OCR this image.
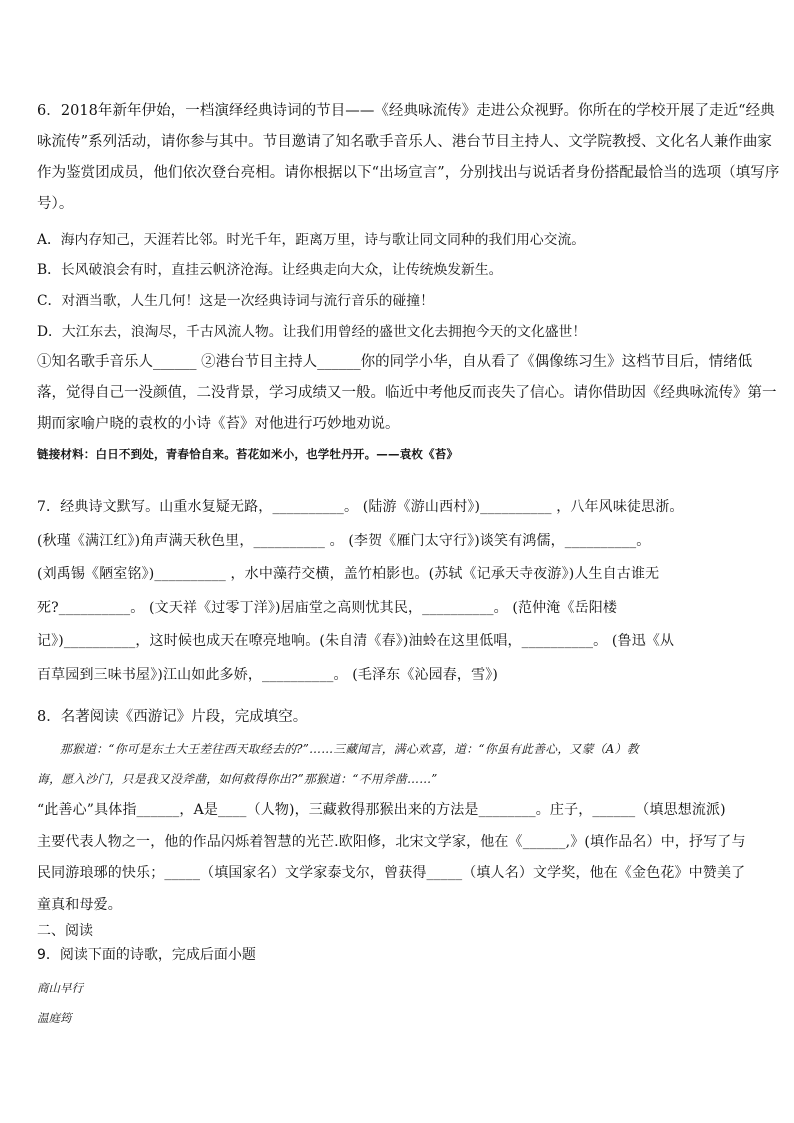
6．2018年新年伊始，一档演绎经典诗词的节目——《经典咏流传》走进公众视野。你所在的学校开展了走近“经典
咏流传”系列活动，请你参与其中。节目邀请了知名歌手音乐人、港台节目主持人、文学院教授、文化名人兼作曲家
作为鉴赏团成员，他们依次登台亮相。请你根据以下“出场宣言”，分别找出与说话者身份搭配最恰当的选项（填写序
号）。
A．海内存知己，天涯若比邻。时光千年，距离万里，诗与歌让同文同种的我们用心交流。
B．长风破浪会有时，直挂云帆济沧海。让经典走向大众，让传统焕发新生。
C．对酒当歌，人生几何！这是一次经典诗词与流行音乐的碰撞！
D．大江东去，浪淘尽，千古风流人物。让我们用曾经的盛世文化去拥抱今天的文化盛世！
①知名歌手音乐人______ ②港台节目主持人______你的同学小华，自从看了《偶像练习生》这档节目后，情绪低
落，觉得自己一没颜值，二没背景，学习成绩又一般。临近中考他反而丧失了信心。请你借助因《经典咏流传》第一
期而家喻户晓的袁枚的小诗《苔》对他进行巧妙地劝说。
链接材料：白日不到处，青春恰自来。苔花如米小，也学牡丹开。——袁枚《苔》
7．经典诗文默写。山重水复疑无路，__________。 (陆游《游山西村》)__________ ，八年风味徒思浙。
(秋瑾《满江红》)角声满天秋色里，__________ 。 (李贺《雁门太守行》)谈笑有鸿儒，__________。
(刘禹锡《陋室铭》)__________ ，水中藻荇交横，盖竹柏影也。(苏轼《记承天寺夜游》)人生自古谁无
死?__________。 (文天祥《过零丁洋》)居庙堂之高则忧其民，__________。 (范仲淹《岳阳楼
记》)__________，这时候也成天在嘹亮地响。(朱自清《春》)油蛉在这里低唱，__________。 (鲁迅《从
百草园到三味书屋》)江山如此多娇，__________。 (毛泽东《沁园春，雪》)
8．名著阅读《西游记》片段，完成填空。
那猴道：“你可是东土大王差往西天取经去的?”……三藏闻言，满心欢喜，道：“你虽有此善心，又蒙（A）教
诲，愿入沙门，只是我又没斧凿，如何救得你出?”那猴道：“不用斧凿……”
“此善心”具体指______，A是____（人物)，三藏救得那猴出来的方法是________。庄子，______（填思想流派)
主要代表人物之一，他的作品闪烁着智慧的光芒.欧阳修，北宋文学家，他在《______,》(填作品名）中，抒写了与
民同游琅琊的快乐；_____（填国家名）文学家泰戈尔，曾获得_____（填人名）文学奖，他在《金色花》中赞美了
童真和母爱。
二、阅读
9．阅读下面的诗歌，完成后面小题
商山早行
温庭筠
